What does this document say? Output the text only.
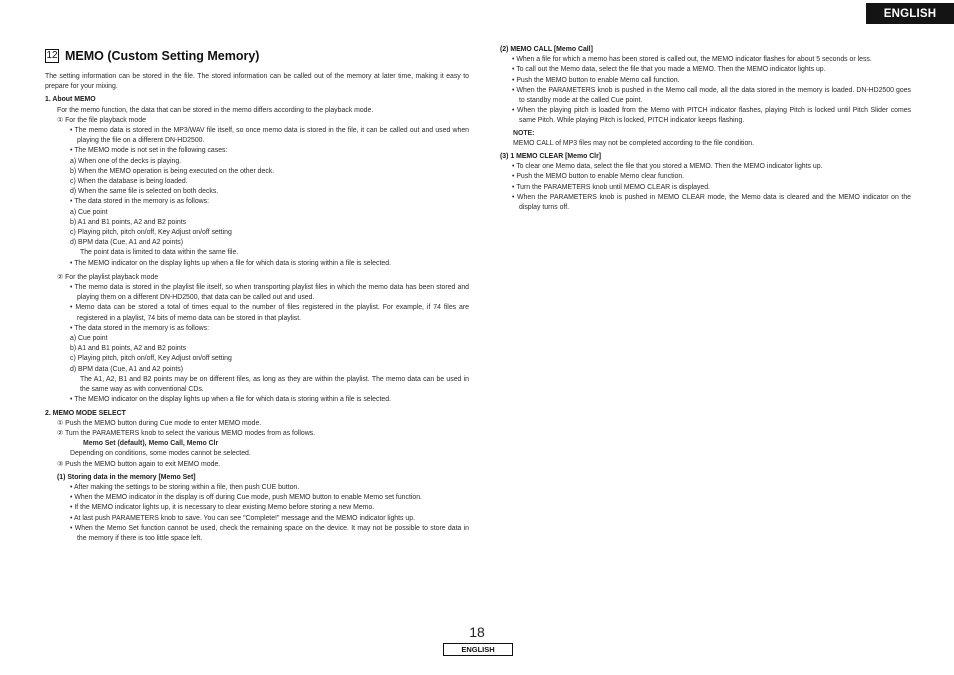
ENGLISH
12 MEMO (Custom Setting Memory)

The setting information can be stored in the file. The stored information can be called out of the memory at later time, making it easy to prepare for your mixing.

1. About MEMO

For the memo function, the data that can be stored in the memo differs according to the playback mode.

① For the file playback mode

• The memo data is stored in the MP3/WAV file itself, so once memo data is stored in the file, it can be called out and used when playing the file on a different DN-HD2500.

• The MEMO mode is not set in the following cases:

a) When one of the decks is playing.

b) When the MEMO operation is being executed on the other deck.

c) When the database is being loaded.

d) When the same file is selected on both decks.

• The data stored in the memory is as follows:

a) Cue point

b) A1 and B1 points, A2 and B2 points

c) Playing pitch, pitch on/off, Key Adjust on/off setting

d) BPM data (Cue, A1 and A2 points)

The point data is limited to data within the same file.

• The MEMO indicator on the display lights up when a file for which data is storing within a file is selected.

② For the playlist playback mode

• The memo data is stored in the playlist file itself, so when transporting playlist files in which the memo data has been stored and playing them on a different DN-HD2500, that data can be called out and used.

• Memo data can be stored a total of times equal to the number of files registered in the playlist. For example, if 74 files are registered in a playlist, 74 bits of memo data can be stored in that playlist.

• The data stored in the memory is as follows:

a) Cue point

b) A1 and B1 points, A2 and B2 points

c) Playing pitch, pitch on/off, Key Adjust on/off setting

d) BPM data (Cue, A1 and A2 points)

The A1, A2, B1 and B2 points may be on different files, as long as they are within the playlist. The memo data can be used in the same way as with conventional CDs.

• The MEMO indicator on the display lights up when a file for which data is storing within a file is selected.

2. MEMO MODE SELECT

① Push the MEMO button during Cue mode to enter MEMO mode.

② Turn the PARAMETERS knob to select the various MEMO modes from as follows.

Memo Set (default), Memo Call, Memo Clr

Depending on conditions, some modes cannot be selected.

③ Push the MEMO button again to exit MEMO mode.

(1) Storing data in the memory [Memo Set]

• After making the settings to be storing within a file, then push CUE button.

• When the MEMO indicator in the display is off during Cue mode, push MEMO button to enable Memo set function.

• If the MEMO indicator lights up, it is necessary to clear existing Memo before storing a new Memo.

• At last push PARAMETERS knob to save. You can see "Complete!" message and the MEMO indicator lights up.

• When the Memo Set function cannot be used, check the remaining space on the device. It may not be possible to store data in the memory if there is too little space left.

(2) MEMO CALL [Memo Call]

• When a file for which a memo has been stored is called out, the MEMO indicator flashes for about 5 seconds or less.

• To call out the Memo data, select the file that you made a MEMO. Then the MEMO indicator lights up.

• Push the MEMO button to enable Memo call function.

• When the PARAMETERS knob is pushed in the Memo call mode, all the data stored in the memory is loaded. DN-HD2500 goes to standby mode at the called Cue point.

• When the playing pitch is loaded from the Memo with PITCH indicator flashes, playing Pitch is locked until Pitch Slider comes same Pitch. While playing Pitch is locked, PITCH indicator keeps flashing.

NOTE:

MEMO CALL of MP3 files may not be completed according to the file condition.

(3) 1 MEMO CLEAR [Memo Clr]

• To clear one Memo data, select the file that you stored a MEMO. Then the MEMO indicator lights up.

• Push the MEMO button to enable Memo clear function.

• Turn the PARAMETERS knob until MEMO CLEAR is displayed.

• When the PARAMETERS knob is pushed in MEMO CLEAR mode, the Memo data is cleared and the MEMO indicator on the display turns off.

18
ENGLISH
